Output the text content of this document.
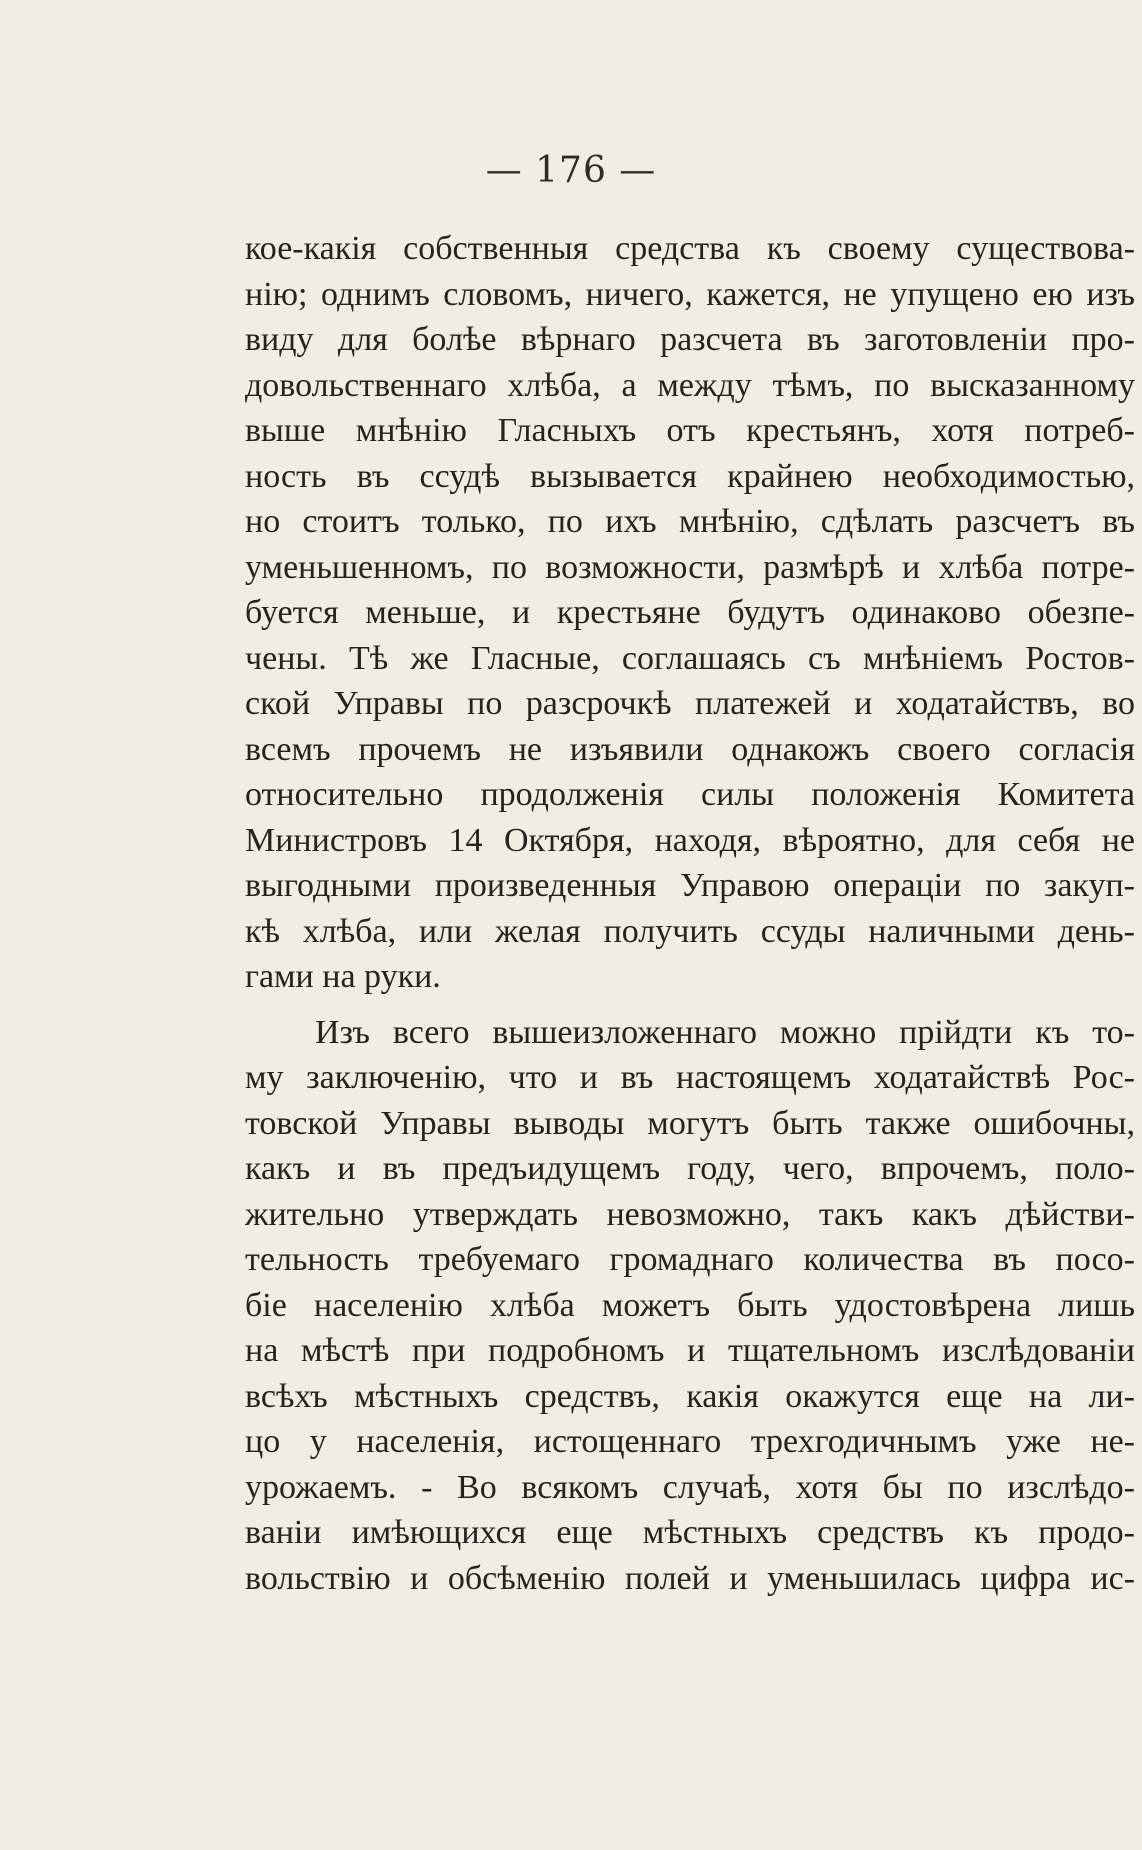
— 176 —
кое-какія собственныя средства къ своему существова-
нію; однимъ словомъ, ничего, кажется, не упущено ею изъ
виду для болѣе вѣрнаго разсчета въ заготовленіи про-
довольственнаго хлѣба, а между тѣмъ, по высказанному
выше мнѣнію Гласныхъ отъ крестьянъ, хотя потреб-
ность въ ссудѣ вызывается крайнею необходимостью,
но стоитъ только, по ихъ мнѣнію, сдѣлать разсчетъ въ
уменьшенномъ, по возможности, размѣрѣ и хлѣба потре-
буется меньше, и крестьяне будутъ одинаково обезпе-
чены. Тѣ же Гласные, соглашаясь съ мнѣніемъ Ростов-
ской Управы по разсрочкѣ платежей и ходатайствъ, во
всемъ прочемъ не изъявили однакожъ своего согласія
относительно продолженія силы положенія Комитета
Министровъ 14 Октября, находя, вѣроятно, для себя не
выгодными произведенныя Управою операціи по закуп-
кѣ хлѣба, или желая получить ссуды наличными день-
гами на руки.
Изъ всего вышеизложеннаго можно прійдти къ то-
му заключенію, что и въ настоящемъ ходатайствѣ Рос-
товской Управы выводы могутъ быть также ошибочны,
какъ и въ предъидущемъ году, чего, впрочемъ, поло-
жительно утверждать невозможно, такъ какъ дѣйстви-
тельность требуемаго громаднаго количества въ посо-
біе населенію хлѣба можетъ быть удостовѣрена лишь
на мѣстѣ при подробномъ и тщательномъ изслѣдованіи
всѣхъ мѣстныхъ средствъ, какія окажутся еще на ли-
цо у населенія, истощеннаго трехгодичнымъ уже не-
урожаемъ. - Во всякомъ случаѣ, хотя бы по изслѣдо-
ваніи имѣющихся еще мѣстныхъ средствъ къ продо-
вольствію и обсѣменію полей и уменьшилась цифра ис-
